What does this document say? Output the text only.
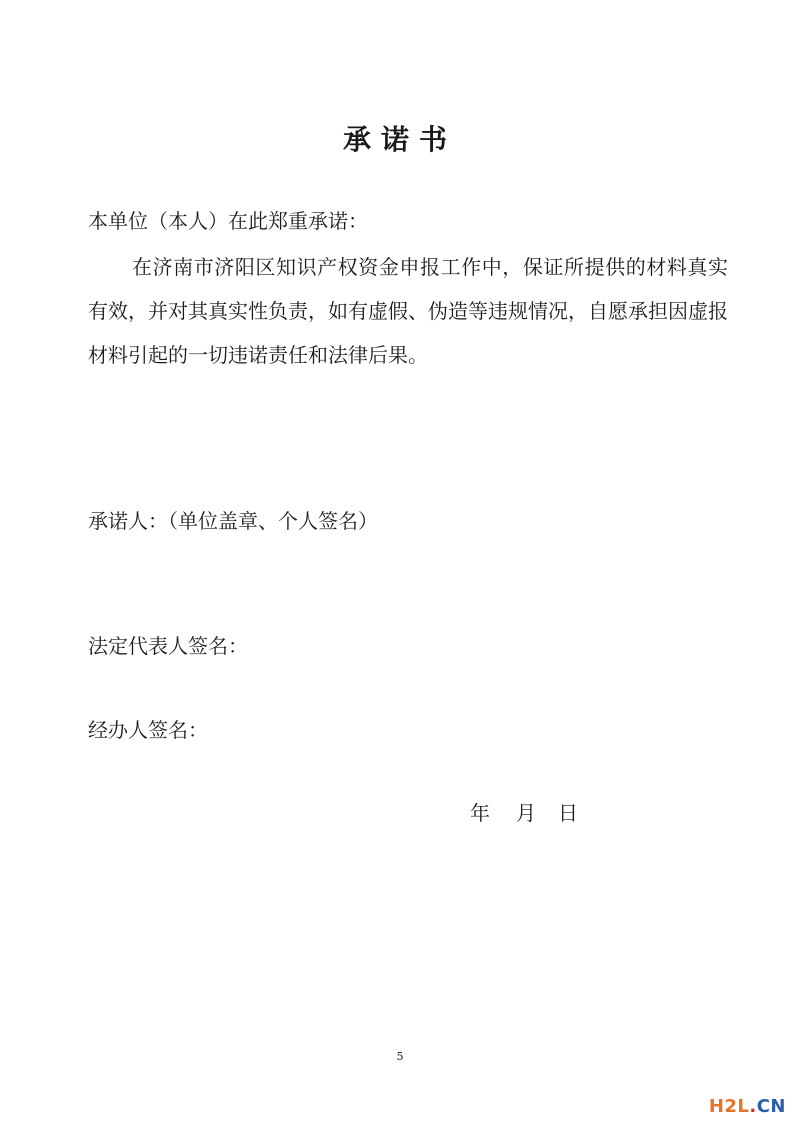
承诺书
本单位（本人）在此郑重承诺：
在济南市济阳区知识产权资金申报工作中，保证所提供的材料真实有效，并对其真实性负责，如有虚假、伪造等违规情况，自愿承担因虚报材料引起的一切违诺责任和法律后果。
承诺人：（单位盖章、个人签名）
法定代表人签名：
经办人签名：
年 月 日
5
H2L.CN
